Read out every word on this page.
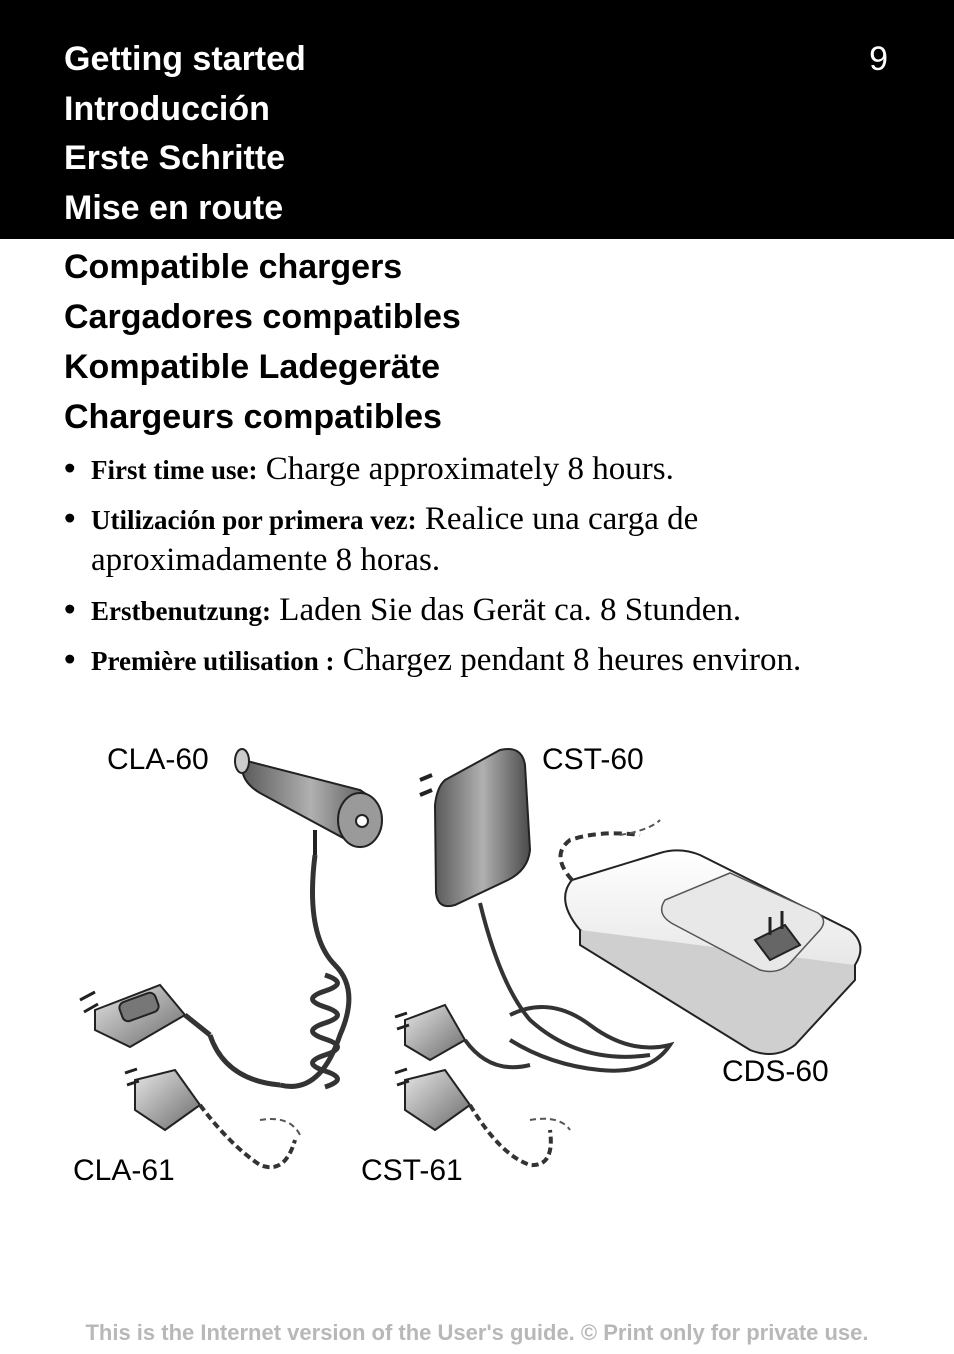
Getting started
Introducción
Erste Schritte
Mise en route
9
Compatible chargers
Cargadores compatibles
Kompatible Ladegeräte
Chargeurs compatibles
• First time use: Charge approximately 8 hours.
• Utilización por primera vez: Realice una carga de aproximadamente 8 horas.
• Erstbenutzung: Laden Sie das Gerät ca. 8 Stunden.
• Première utilisation : Chargez pendant 8 heures environ.
CLA-60	CST-60
CDS-60
CLA-61	CST-61
This is the Internet version of the User's guide. © Print only for private use.
